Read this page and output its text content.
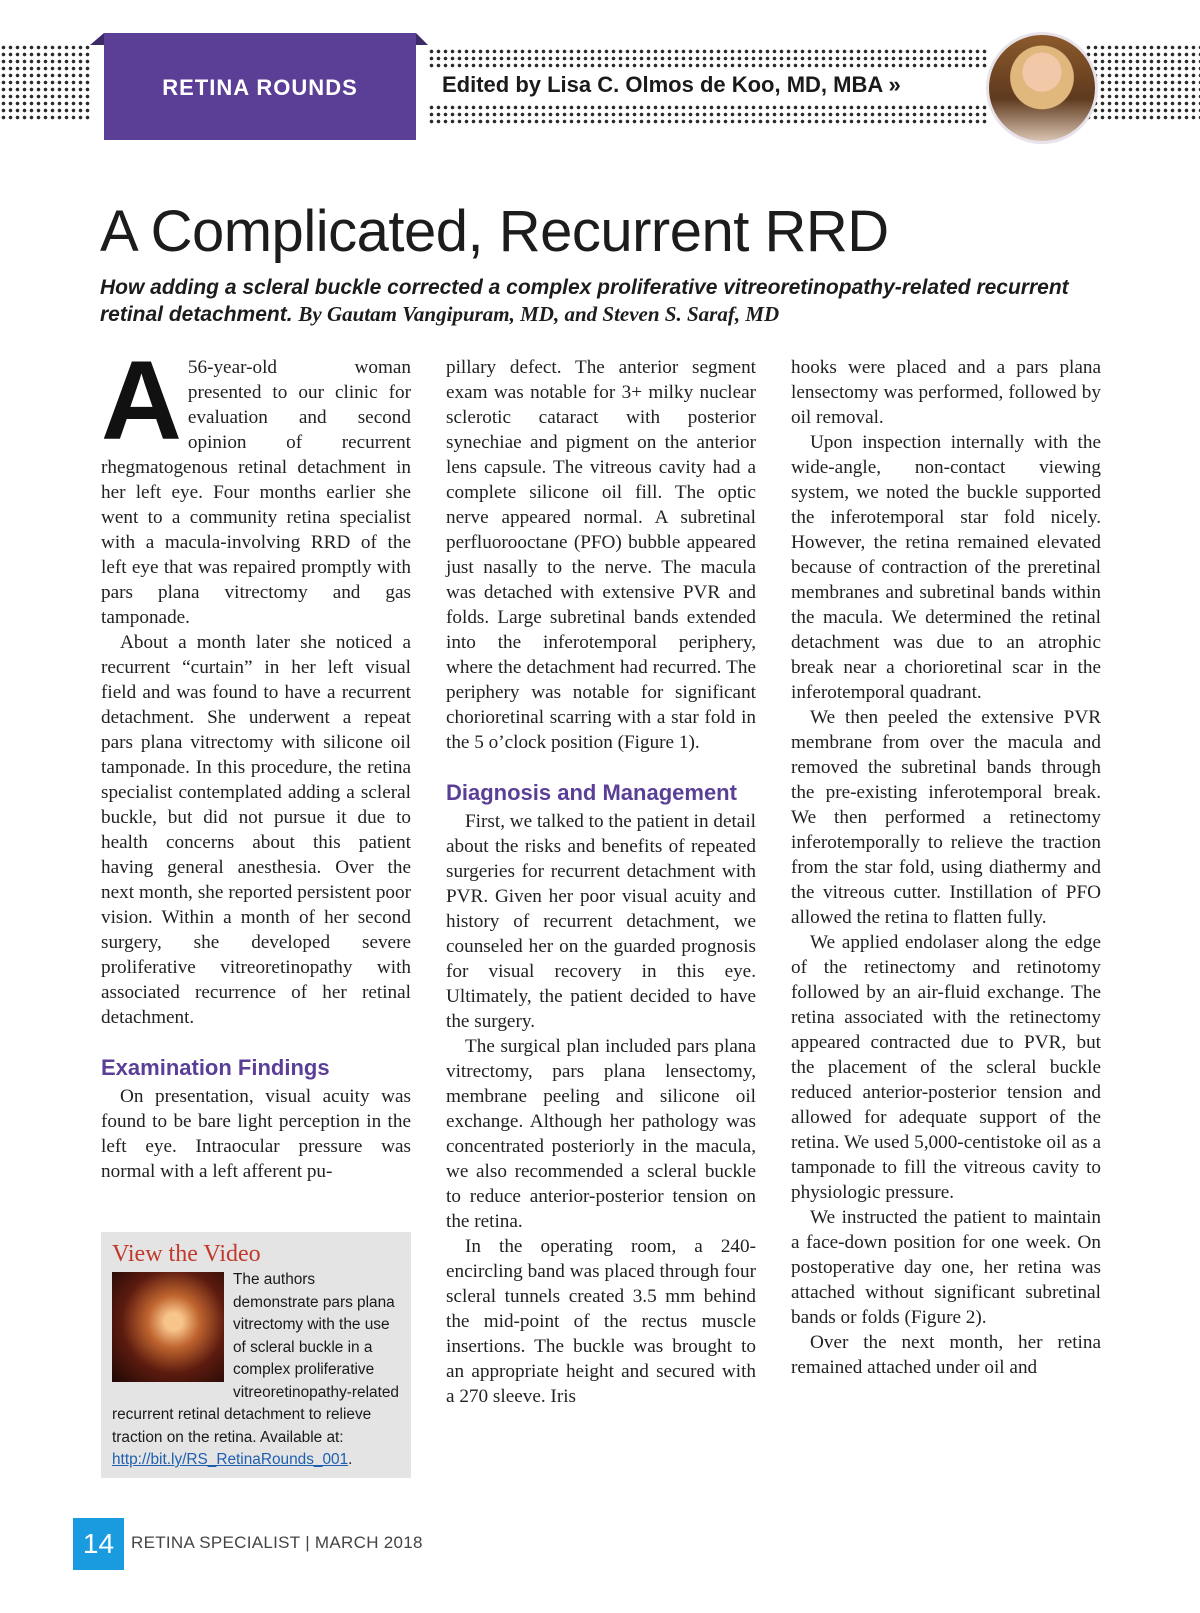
RETINA ROUNDS	Edited by Lisa C. Olmos de Koo, MD, MBA »
A Complicated, Recurrent RRD
How adding a scleral buckle corrected a complex proliferative vitreoretinopathy-related recurrent retinal detachment. By Gautam Vangipuram, MD, and Steven S. Saraf, MD

A 56-year-old woman presented to our clinic for evaluation and second opinion of recurrent rhegmatogenous retinal detachment in her left eye. Four months earlier she went to a community retina specialist with a macula-involving RRD of the left eye that was repaired promptly with pars plana vitrectomy and gas tamponade.

About a month later she noticed a recurrent “curtain” in her left visual field and was found to have a recurrent detachment. She underwent a repeat pars plana vitrectomy with silicone oil tamponade. In this procedure, the retina specialist contemplated adding a scleral buckle, but did not pursue it due to health concerns about this patient having general anesthesia. Over the next month, she reported persistent poor vision. Within a month of her second surgery, she developed severe proliferative vitreoretinopathy with associated recurrence of her retinal detachment.

Examination Findings

On presentation, visual acuity was found to be bare light perception in the left eye. Intraocular pressure was normal with a left afferent pu-

pillary defect. The anterior segment exam was notable for 3+ milky nuclear sclerotic cataract with posterior synechiae and pigment on the anterior lens capsule. The vitreous cavity had a complete silicone oil fill. The optic nerve appeared normal. A subretinal perfluorooctane (PFO) bubble appeared just nasally to the nerve. The macula was detached with extensive PVR and folds. Large subretinal bands extended into the inferotemporal periphery, where the detachment had recurred. The periphery was notable for significant chorioretinal scarring with a star fold in the 5 o’clock position (Figure 1).

Diagnosis and Management

First, we talked to the patient in detail about the risks and benefits of repeated surgeries for recurrent detachment with PVR. Given her poor visual acuity and history of recurrent detachment, we counseled her on the guarded prognosis for visual recovery in this eye. Ultimately, the patient decided to have the surgery.

The surgical plan included pars plana vitrectomy, pars plana lensectomy, membrane peeling and silicone oil exchange. Although her pathology was concentrated posteriorly in the macula, we also recommended a scleral buckle to reduce anterior-posterior tension on the retina.

In the operating room, a 240-encircling band was placed through four scleral tunnels created 3.5 mm behind the mid-point of the rectus muscle insertions. The buckle was brought to an appropriate height and secured with a 270 sleeve. Iris

hooks were placed and a pars plana lensectomy was performed, followed by oil removal.

Upon inspection internally with the wide-angle, non-contact viewing system, we noted the buckle supported the inferotemporal star fold nicely. However, the retina remained elevated because of contraction of the preretinal membranes and subretinal bands within the macula. We determined the retinal detachment was due to an atrophic break near a chorioretinal scar in the inferotemporal quadrant.

We then peeled the extensive PVR membrane from over the macula and removed the subretinal bands through the pre-existing inferotemporal break. We then performed a retinectomy inferotemporally to relieve the traction from the star fold, using diathermy and the vitreous cutter. Instillation of PFO allowed the retina to flatten fully.

We applied endolaser along the edge of the retinectomy and retinotomy followed by an air-fluid exchange. The retina associated with the retinectomy appeared contracted due to PVR, but the placement of the scleral buckle reduced anterior-posterior tension and allowed for adequate support of the retina. We used 5,000-centistoke oil as a tamponade to fill the vitreous cavity to physiologic pressure.

We instructed the patient to maintain a face-down position for one week. On postoperative day one, her retina was attached without significant subretinal bands or folds (Figure 2).

Over the next month, her retina remained attached under oil and

View the Video
The authors demonstrate pars plana vitrectomy with the use of scleral buckle in a complex proliferative vitreoretinopathy-related recurrent retinal detachment to relieve traction on the retina. Available at:
http://bit.ly/RS_RetinaRounds_001.
14 RETINA SPECIALIST | MARCH 2018
